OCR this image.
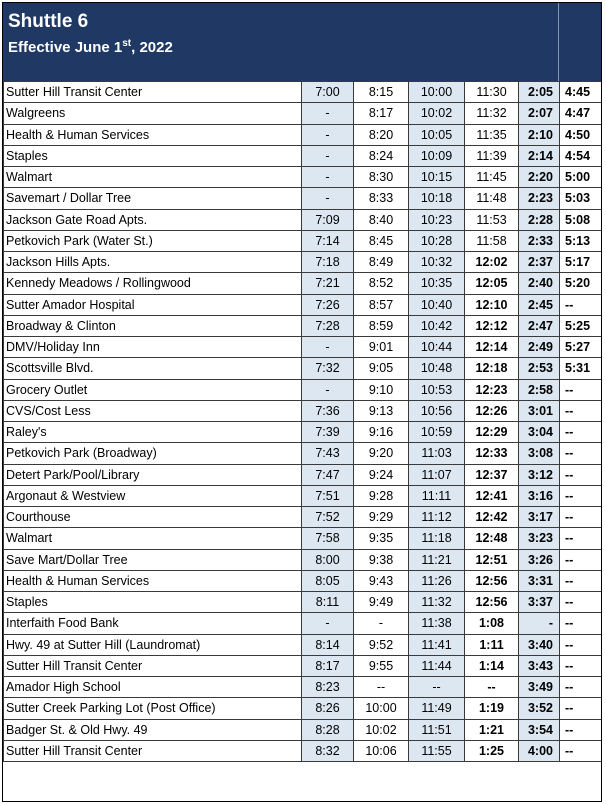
Shuttle 6
Effective June 1st, 2022
Sutter Hill Transit Center	7:00	8:15	10:00	11:30	2:05	4:45
Walgreens	-	8:17	10:02	11:32	2:07	4:47
Health & Human Services	-	8:20	10:05	11:35	2:10	4:50
Staples	-	8:24	10:09	11:39	2:14	4:54
Walmart	-	8:30	10:15	11:45	2:20	5:00
Savemart / Dollar Tree	-	8:33	10:18	11:48	2:23	5:03
Jackson Gate Road Apts.	7:09	8:40	10:23	11:53	2:28	5:08
Petkovich Park (Water St.)	7:14	8:45	10:28	11:58	2:33	5:13
Jackson Hills Apts.	7:18	8:49	10:32	12:02	2:37	5:17
Kennedy Meadows / Rollingwood	7:21	8:52	10:35	12:05	2:40	5:20
Sutter Amador Hospital	7:26	8:57	10:40	12:10	2:45	--
Broadway & Clinton	7:28	8:59	10:42	12:12	2:47	5:25
DMV/Holiday Inn	-	9:01	10:44	12:14	2:49	5:27
Scottsville Blvd.	7:32	9:05	10:48	12:18	2:53	5:31
Grocery Outlet	-	9:10	10:53	12:23	2:58	--
CVS/Cost Less	7:36	9:13	10:56	12:26	3:01	--
Raley's	7:39	9:16	10:59	12:29	3:04	--
Petkovich Park (Broadway)	7:43	9:20	11:03	12:33	3:08	--
Detert Park/Pool/Library	7:47	9:24	11:07	12:37	3:12	--
Argonaut & Westview	7:51	9:28	11:11	12:41	3:16	--
Courthouse	7:52	9:29	11:12	12:42	3:17	--
Walmart	7:58	9:35	11:18	12:48	3:23	--
Save Mart/Dollar Tree	8:00	9:38	11:21	12:51	3:26	--
Health & Human Services	8:05	9:43	11:26	12:56	3:31	--
Staples	8:11	9:49	11:32	12:56	3:37	--
Interfaith Food Bank	-	-	11:38	1:08	-	--
Hwy. 49 at Sutter Hill (Laundromat)	8:14	9:52	11:41	1:11	3:40	--
Sutter Hill Transit Center	8:17	9:55	11:44	1:14	3:43	--
Amador High School	8:23	--	--	--	3:49	--
Sutter Creek Parking Lot (Post Office)	8:26	10:00	11:49	1:19	3:52	--
Badger St. & Old Hwy. 49	8:28	10:02	11:51	1:21	3:54	--
Sutter Hill Transit Center	8:32	10:06	11:55	1:25	4:00	--
